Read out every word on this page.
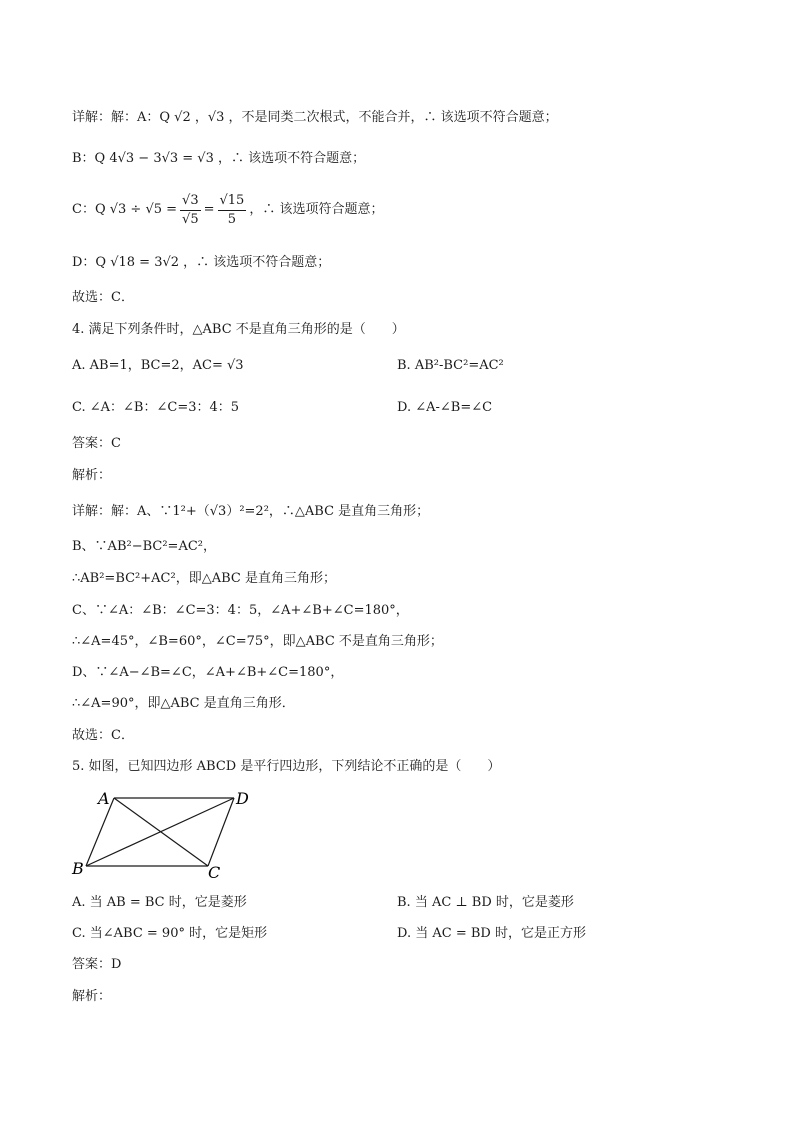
详解：解：A：Q √2 ，√3 ，不是同类二次根式，不能合并，∴ 该选项不符合题意；
B：Q 4√3 − 3√3 = √3 ，∴ 该选项不符合题意；
C：Q $√3 \div √5 = \frac{√3}{√5} = \frac{√15}{5}$ ，∴ 该选项符合题意；
D：Q √18 = 3√2 ，∴ 该选项不符合题意；
故选：C．
4. 满足下列条件时，△ABC 不是直角三角形的是（　　）
A. AB=1，BC=2，AC= √3	B. AB²-BC²=AC²
C. ∠A：∠B：∠C=3：4：5	D. ∠A-∠B=∠C
答案：C
解析：
详解：解：A、∵1²+（√3）²=2²，∴△ABC 是直角三角形；
B、∵AB²−BC²=AC²，
∴AB²=BC²+AC²，即△ABC 是直角三角形；
C、∵∠A：∠B：∠C=3：4：5，∠A+∠B+∠C=180°，
∴∠A=45°，∠B=60°，∠C=75°，即△ABC 不是直角三角形；
D、∵∠A−∠B=∠C，∠A+∠B+∠C=180°，
∴∠A=90°，即△ABC 是直角三角形．
故选：C．
5. 如图，已知四边形 ABCD 是平行四边形，下列结论不正确的是（　　）
A	D
B	C
A. 当 AB = BC 时，它是菱形	B. 当 AC ⊥ BD 时，它是菱形
C. 当∠ABC = 90° 时，它是矩形	D. 当 AC = BD 时，它是正方形
答案：D
解析：
